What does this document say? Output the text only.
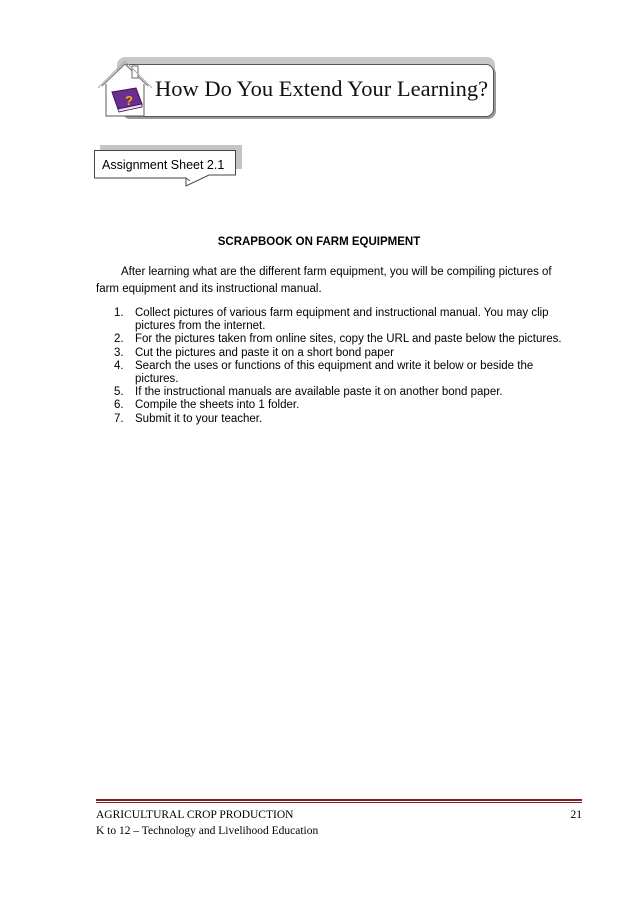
? How Do You Extend Your Learning?
Assignment Sheet 2.1
SCRAPBOOK ON FARM EQUIPMENT
After learning what are the different farm equipment, you will be compiling pictures of
farm equipment and its instructional manual.
1. Collect pictures of various farm equipment and instructional manual. You may clip
pictures from the internet.
2. For the pictures taken from online sites, copy the URL and paste below the pictures.
3. Cut the pictures and paste it on a short bond paper
4. Search the uses or functions of this equipment and write it below or beside the
pictures.
5. If the instructional manuals are available paste it on another bond paper.
6. Compile the sheets into 1 folder.
7. Submit it to your teacher.
AGRICULTURAL CROP PRODUCTION	21
K to 12 – Technology and Livelihood Education
